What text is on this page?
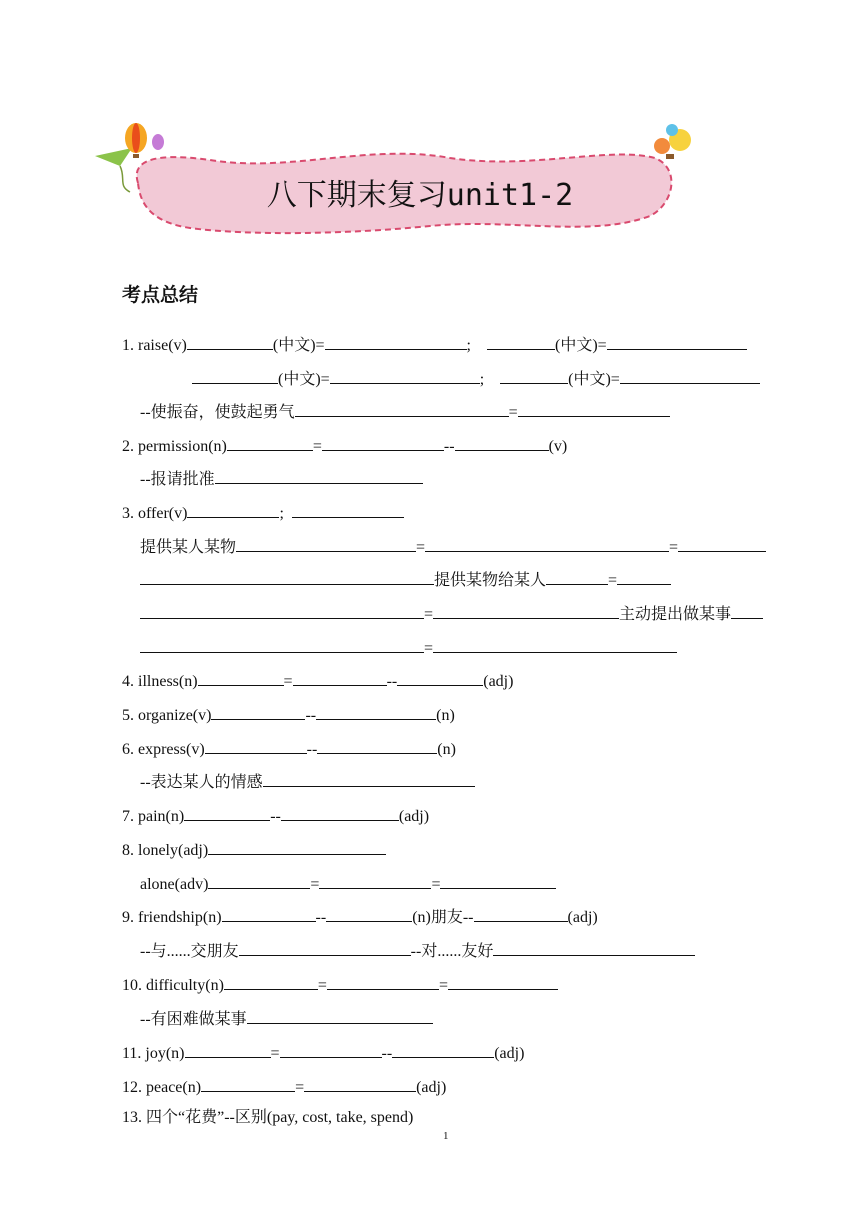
八下期末复习unit1-2
考点总结
1. raise(v)	(中文)=	;	(中文)=
(中文)=	;	(中文)=
--使振奋，使鼓起勇气	=
2. permission(n)	=	--	(v)
--报请批准
3. offer(v)	;
提供某人某物	=	=
提供某物给某人	=
=	主动提出做某事
=
4. illness(n)	=	--	(adj)
5. organize(v)	--	(n)
6. express(v)	--	(n)
--表达某人的情感
7. pain(n)	--	(adj)
8. lonely(adj)
alone(adv)	=	=
9. friendship(n)	--	(n)朋友--	(adj)
--与......交朋友	--对......友好
10. difficulty(n)	=	=
--有困难做某事
11. joy(n)	=	--	(adj)
12. peace(n)	=	(adj)
13. 四个“花费”--区别(pay, cost, take, spend)
1
